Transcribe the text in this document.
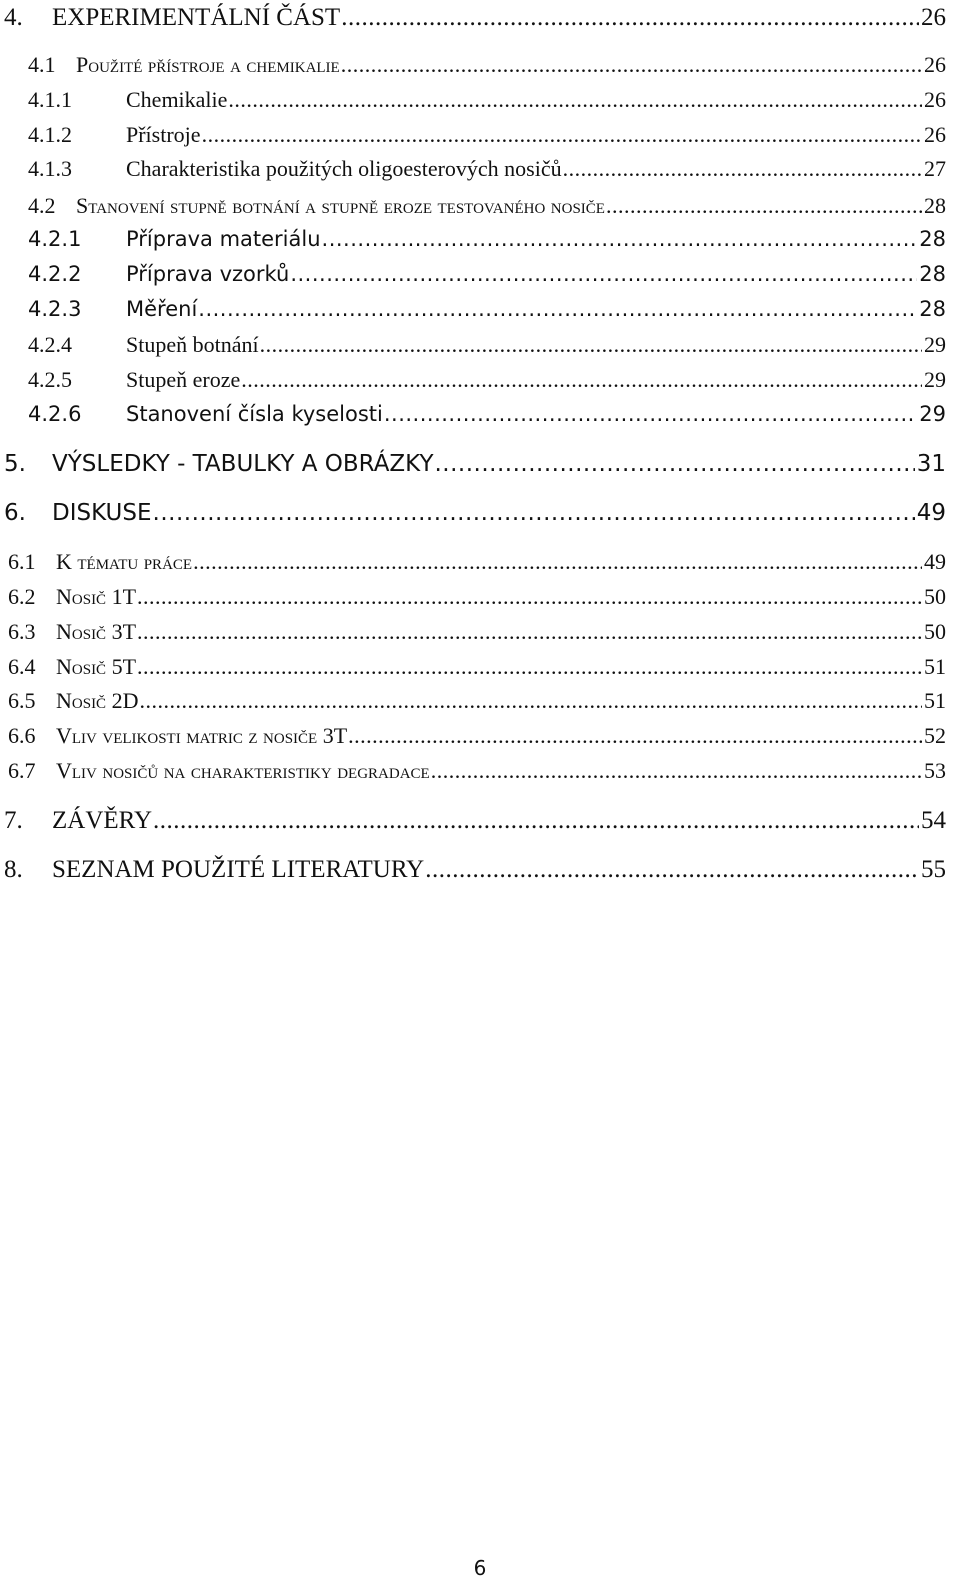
4.	EXPERIMENTÁLNÍ ČÁST .....	26
4.1 Použité přístroje a chemikalie .....	26
4.1.1	Chemikalie .....	26
4.1.2	Přístroje .....	26
4.1.3	Charakteristika použitých oligoesterových nosičů .....	27
4.2 Stanovení stupně botnání a stupně eroze testovaného nosiče .....	28
4.2.1	Příprava materiálu .....	28
4.2.2	Příprava vzorků .....	28
4.2.3	Měření .....	28
4.2.4	Stupeň botnání .....	29
4.2.5	Stupeň eroze .....	29
4.2.6	Stanovení čísla kyselosti .....	29
5.	VÝSLEDKY - TABULKY A OBRÁZKY .....	31
6.	DISKUSE .....	49
6.1 K tématu práce .....	49
6.2 Nosič 1T .....	50
6.3 Nosič 3T .....	50
6.4 Nosič 5T .....	51
6.5 Nosič 2D .....	51
6.6 Vliv velikosti matric z nosiče 3T .....	52
6.7 Vliv nosičů na charakteristiky degradace .....	53
7.	ZÁVĚRY .....	54
8.	SEZNAM POUŽITÉ LITERATURY .....	55
6
